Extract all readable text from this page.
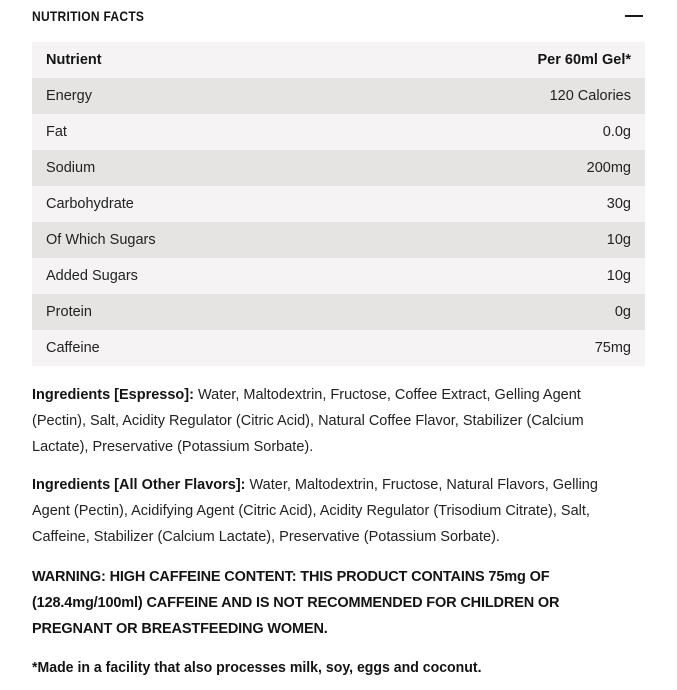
NUTRITION FACTS
Nutrient	Per 60ml Gel*
Energy	120 Calories
Fat	0.0g
Sodium	200mg
Carbohydrate	30g
Of Which Sugars	10g
Added Sugars	10g
Protein	0g
Caffeine	75mg

Ingredients [Espresso]: Water, Maltodextrin, Fructose, Coffee Extract, Gelling Agent (Pectin), Salt, Acidity Regulator (Citric Acid), Natural Coffee Flavor, Stabilizer (Calcium Lactate), Preservative (Potassium Sorbate).

Ingredients [All Other Flavors]: Water, Maltodextrin, Fructose, Natural Flavors, Gelling Agent (Pectin), Acidifying Agent (Citric Acid), Acidity Regulator (Trisodium Citrate), Salt, Caffeine, Stabilizer (Calcium Lactate), Preservative (Potassium Sorbate).

WARNING: HIGH CAFFEINE CONTENT: THIS PRODUCT CONTAINS 75mg OF (128.4mg/100ml) CAFFEINE AND IS NOT RECOMMENDED FOR CHILDREN OR PREGNANT OR BREASTFEEDING WOMEN.

*Made in a facility that also processes milk, soy, eggs and coconut.
